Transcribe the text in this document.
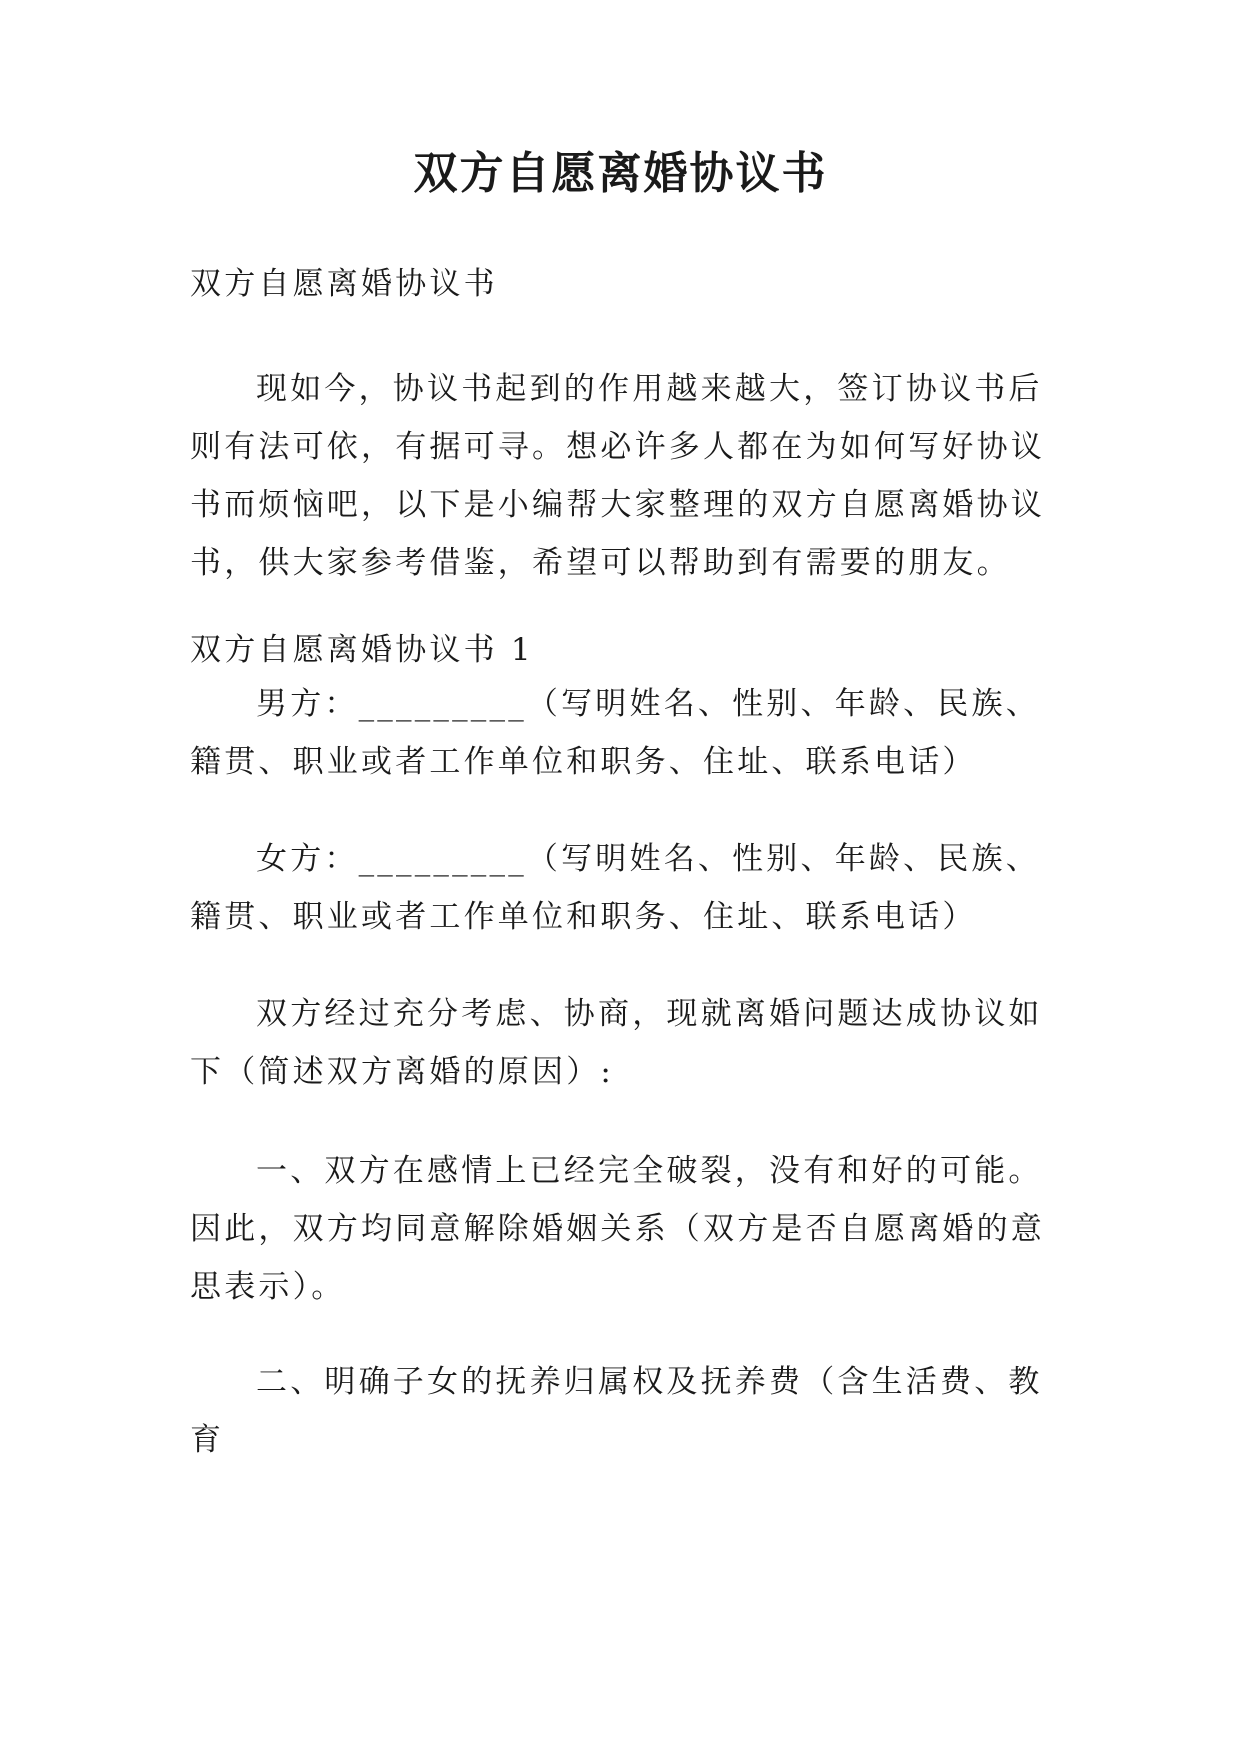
双方自愿离婚协议书

双方自愿离婚协议书

现如今，协议书起到的作用越来越大，签订协议书后则有法可依，有据可寻。想必许多人都在为如何写好协议书而烦恼吧，以下是小编帮大家整理的双方自愿离婚协议书，供大家参考借鉴，希望可以帮助到有需要的朋友。

双方自愿离婚协议书 1

男方：_________（写明姓名、性别、年龄、民族、籍贯、职业或者工作单位和职务、住址、联系电话）

女方：_________（写明姓名、性别、年龄、民族、籍贯、职业或者工作单位和职务、住址、联系电话）

双方经过充分考虑、协商，现就离婚问题达成协议如下（简述双方离婚的原因）:

一、双方在感情上已经完全破裂，没有和好的可能。因此，双方均同意解除婚姻关系（双方是否自愿离婚的意思表示）。

二、明确子女的抚养归属权及抚养费（含生活费、教育
